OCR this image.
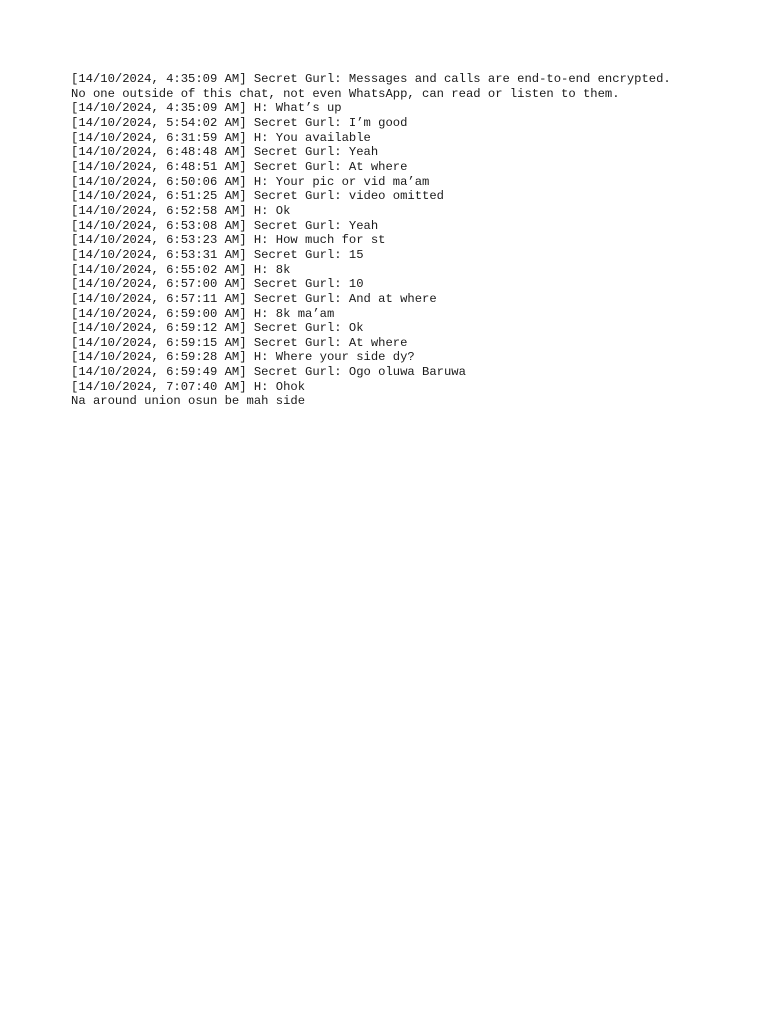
[14/10/2024, 4:35:09 AM] Secret Gurl: Messages and calls are end-to-end encrypted.

No one outside of this chat, not even WhatsApp, can read or listen to them.

[14/10/2024, 4:35:09 AM] H: What’s up

[14/10/2024, 5:54:02 AM] Secret Gurl: I’m good

[14/10/2024, 6:31:59 AM] H: You available

[14/10/2024, 6:48:48 AM] Secret Gurl: Yeah

[14/10/2024, 6:48:51 AM] Secret Gurl: At where

[14/10/2024, 6:50:06 AM] H: Your pic or vid ma’am

[14/10/2024, 6:51:25 AM] Secret Gurl: video omitted

[14/10/2024, 6:52:58 AM] H: Ok

[14/10/2024, 6:53:08 AM] Secret Gurl: Yeah

[14/10/2024, 6:53:23 AM] H: How much for st

[14/10/2024, 6:53:31 AM] Secret Gurl: 15

[14/10/2024, 6:55:02 AM] H: 8k

[14/10/2024, 6:57:00 AM] Secret Gurl: 10

[14/10/2024, 6:57:11 AM] Secret Gurl: And at where

[14/10/2024, 6:59:00 AM] H: 8k ma’am

[14/10/2024, 6:59:12 AM] Secret Gurl: Ok

[14/10/2024, 6:59:15 AM] Secret Gurl: At where

[14/10/2024, 6:59:28 AM] H: Where your side dy?

[14/10/2024, 6:59:49 AM] Secret Gurl: Ogo oluwa Baruwa

[14/10/2024, 7:07:40 AM] H: Ohok

Na around union osun be mah side
